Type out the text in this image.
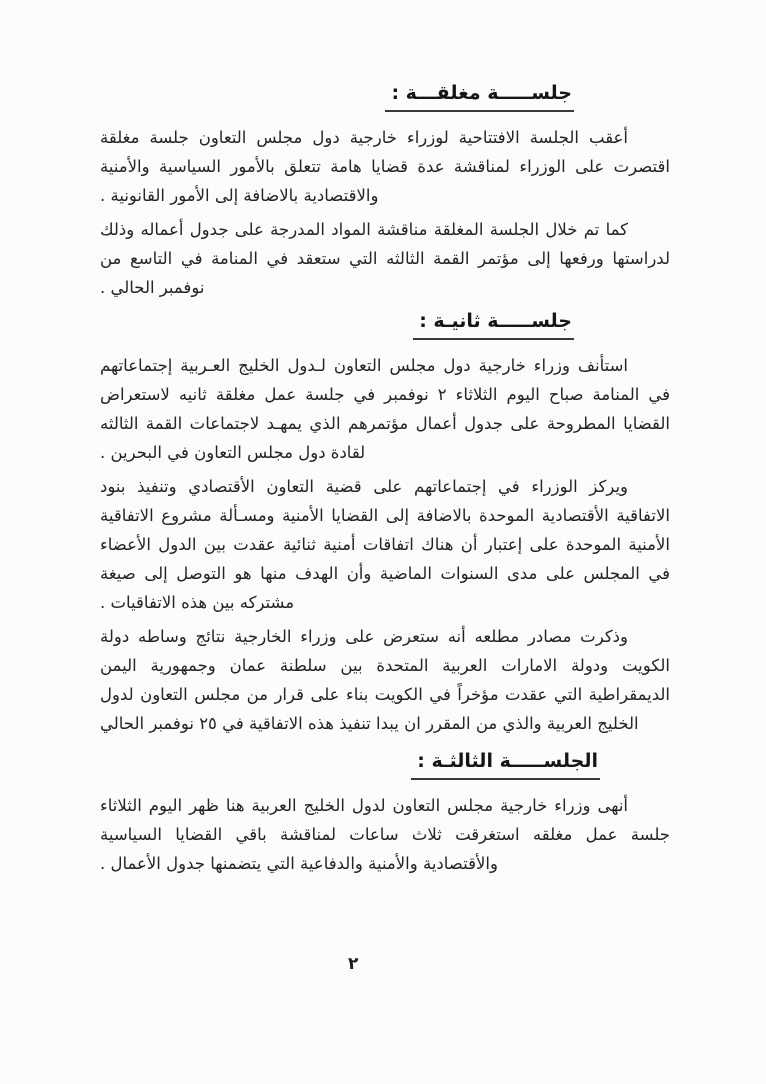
جلســـــة مغلقـــة :

أعقب الجلسة الافتتاحية لوزراء خارجية دول مجلس التعاون جلسة مغلقة اقتصرت على الوزراء لمناقشة عدة قضايا هامة تتعلق بالأمور السياسية والأمنية والاقتصادية بالاضافة إلى الأمور القانونية .

كما تم خلال الجلسة المغلقة مناقشة المواد المدرجة على جدول أعماله وذلك لدراستها ورفعها إلى مؤتمر القمة الثالثه التي ستعقد في المنامة في التاسع من نوفمبر الحالي .

جلســـــة ثانيـة :

استأنف وزراء خارجية دول مجلس التعاون لـدول الخليج العـربية إجتماعاتهم في المنامة صباح اليوم الثلاثاء ٢ نوفمبر في جلسة عمل مغلقة ثانيه لاستعراض القضايا المطروحة على جدول أعمال مؤتمرهم الذي يمهـد لاجتماعات القمة الثالثه لقادة دول مجلس التعاون في البحرين .

ويركز الوزراء في إجتماعاتهم على قضية التعاون الأقتصادي وتنفيذ بنود الاتفاقية الأقتصادية الموحدة بالاضافة إلى القضايا الأمنية ومسـألة مشروع الاتفاقية الأمنية الموحدة على إعتبار أن هناك اتفاقات أمنية ثنائية عقدت بين الدول الأعضاء في المجلس على مدى السنوات الماضية وأن الهدف منها هو التوصل إلى صيغة مشتركه بين هذه الاتفاقيات .

وذكرت مصادر مطلعه أنه ستعرض على وزراء الخارجية نتائج وساطه دولة الكويت ودولة الامارات العربية المتحدة بين سلطنة عمان وجمهورية اليمن الديمقراطية التي عقدت مؤخراً في الكويت بناء على قرار من مجلس التعاون لدول الخليج العربية والذي من المقرر ان يبدا تنفيذ هذه الاتفاقية في ٢٥ نوفمبر الحالي

الجلســـــة الثالثـة :

أنهى وزراء خارجية مجلس التعاون لدول الخليج العربية هنا ظهر اليوم الثلاثاء جلسة عمل مغلقه استغرقت ثلاث ساعات لمناقشة باقي القضايا السياسية والأقتصادية والأمنية والدفاعية التي يتضمنها جدول الأعمال .

٢
